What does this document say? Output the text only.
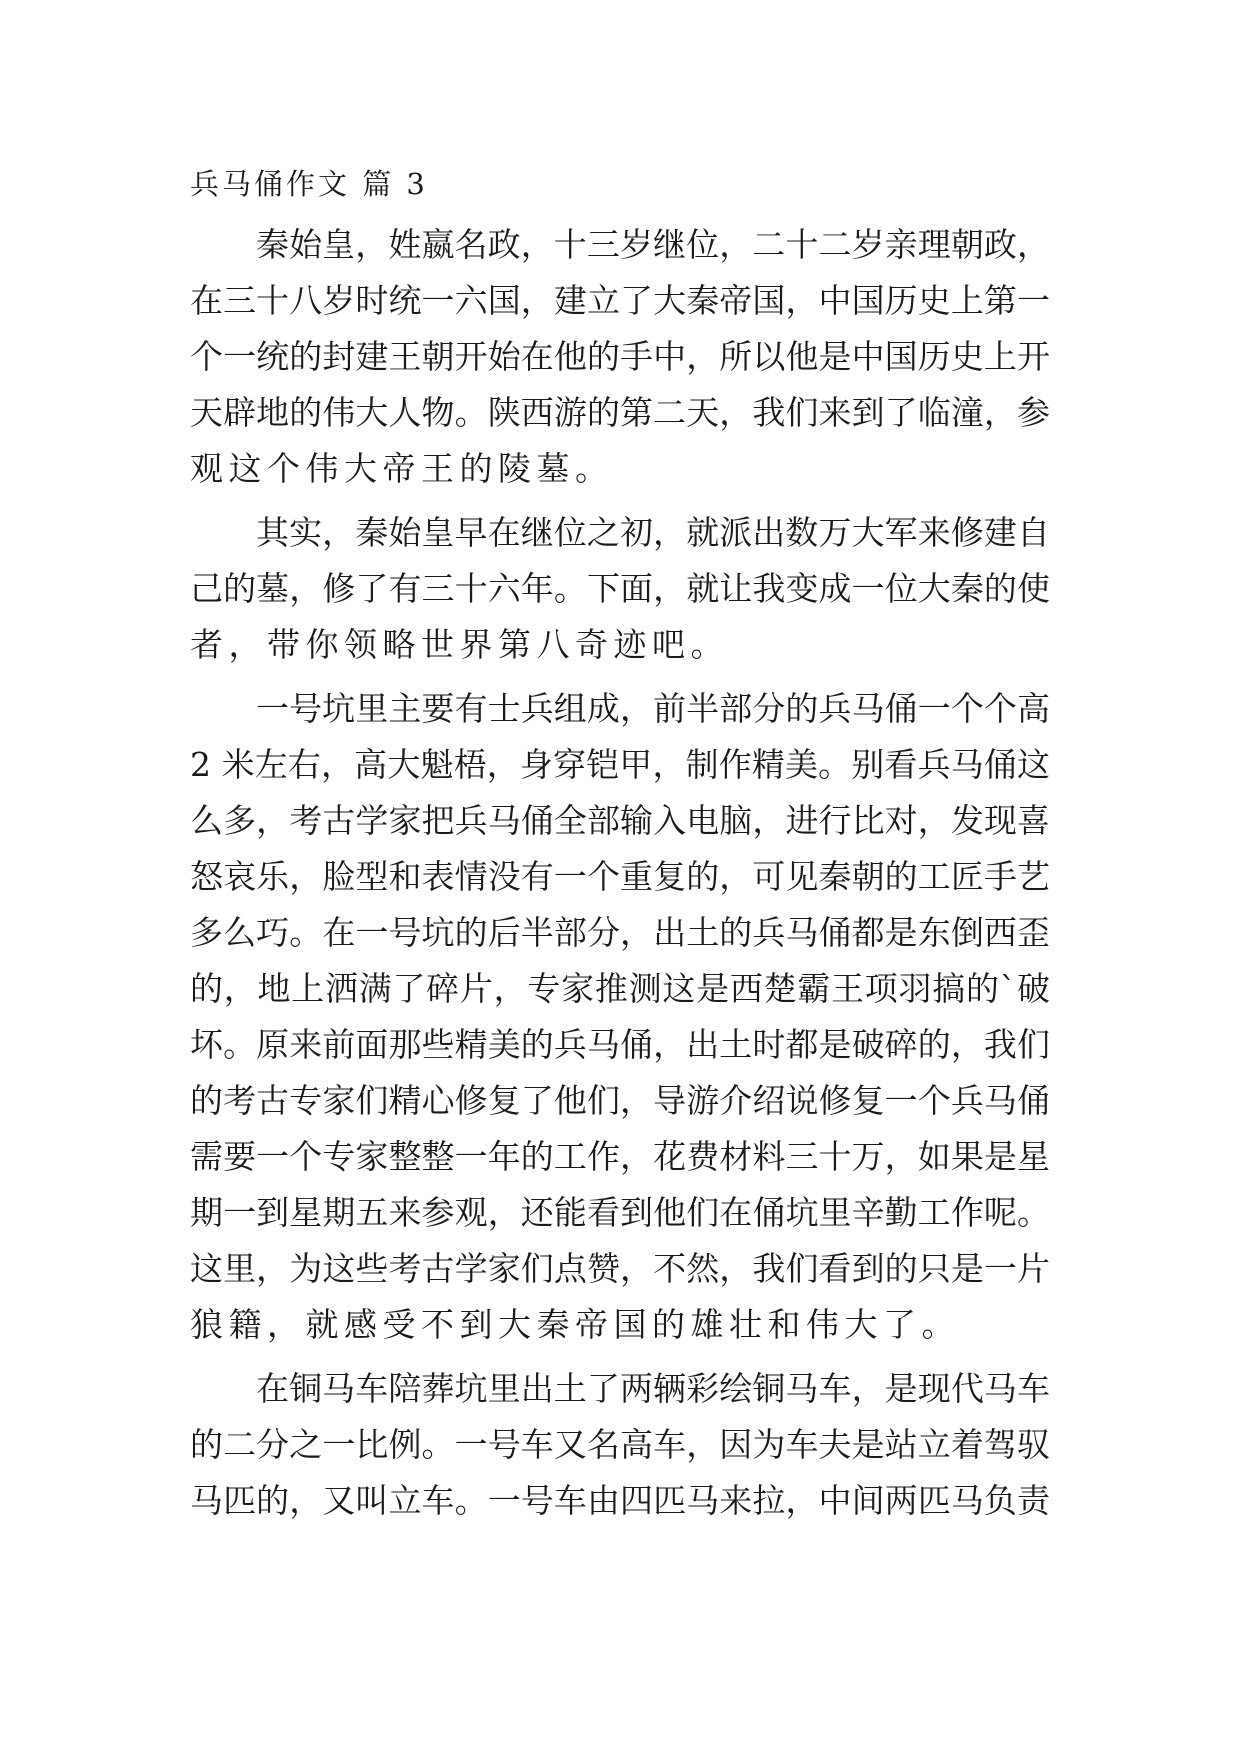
兵马俑作文 篇 3
秦始皇，姓嬴名政，十三岁继位，二十二岁亲理朝政，
在三十八岁时统一六国，建立了大秦帝国，中国历史上第一
个一统的封建王朝开始在他的手中，所以他是中国历史上开
天辟地的伟大人物。陕西游的第二天，我们来到了临潼，参
观这个伟大帝王的陵墓。
其实，秦始皇早在继位之初，就派出数万大军来修建自
己的墓，修了有三十六年。下面，就让我变成一位大秦的使
者，带你领略世界第八奇迹吧。
一号坑里主要有士兵组成，前半部分的兵马俑一个个高
2 米左右，高大魁梧，身穿铠甲，制作精美。别看兵马俑这
么多，考古学家把兵马俑全部输入电脑，进行比对，发现喜
怒哀乐，脸型和表情没有一个重复的，可见秦朝的工匠手艺
多么巧。在一号坑的后半部分，出土的兵马俑都是东倒西歪
的，地上洒满了碎片，专家推测这是西楚霸王项羽搞的`破
坏。原来前面那些精美的兵马俑，出土时都是破碎的，我们
的考古专家们精心修复了他们，导游介绍说修复一个兵马俑
需要一个专家整整一年的工作，花费材料三十万，如果是星
期一到星期五来参观，还能看到他们在俑坑里辛勤工作呢。
这里，为这些考古学家们点赞，不然，我们看到的只是一片
狼籍，就感受不到大秦帝国的雄壮和伟大了。
在铜马车陪葬坑里出土了两辆彩绘铜马车，是现代马车
的二分之一比例。一号车又名高车，因为车夫是站立着驾驭
马匹的，又叫立车。一号车由四匹马来拉，中间两匹马负责
